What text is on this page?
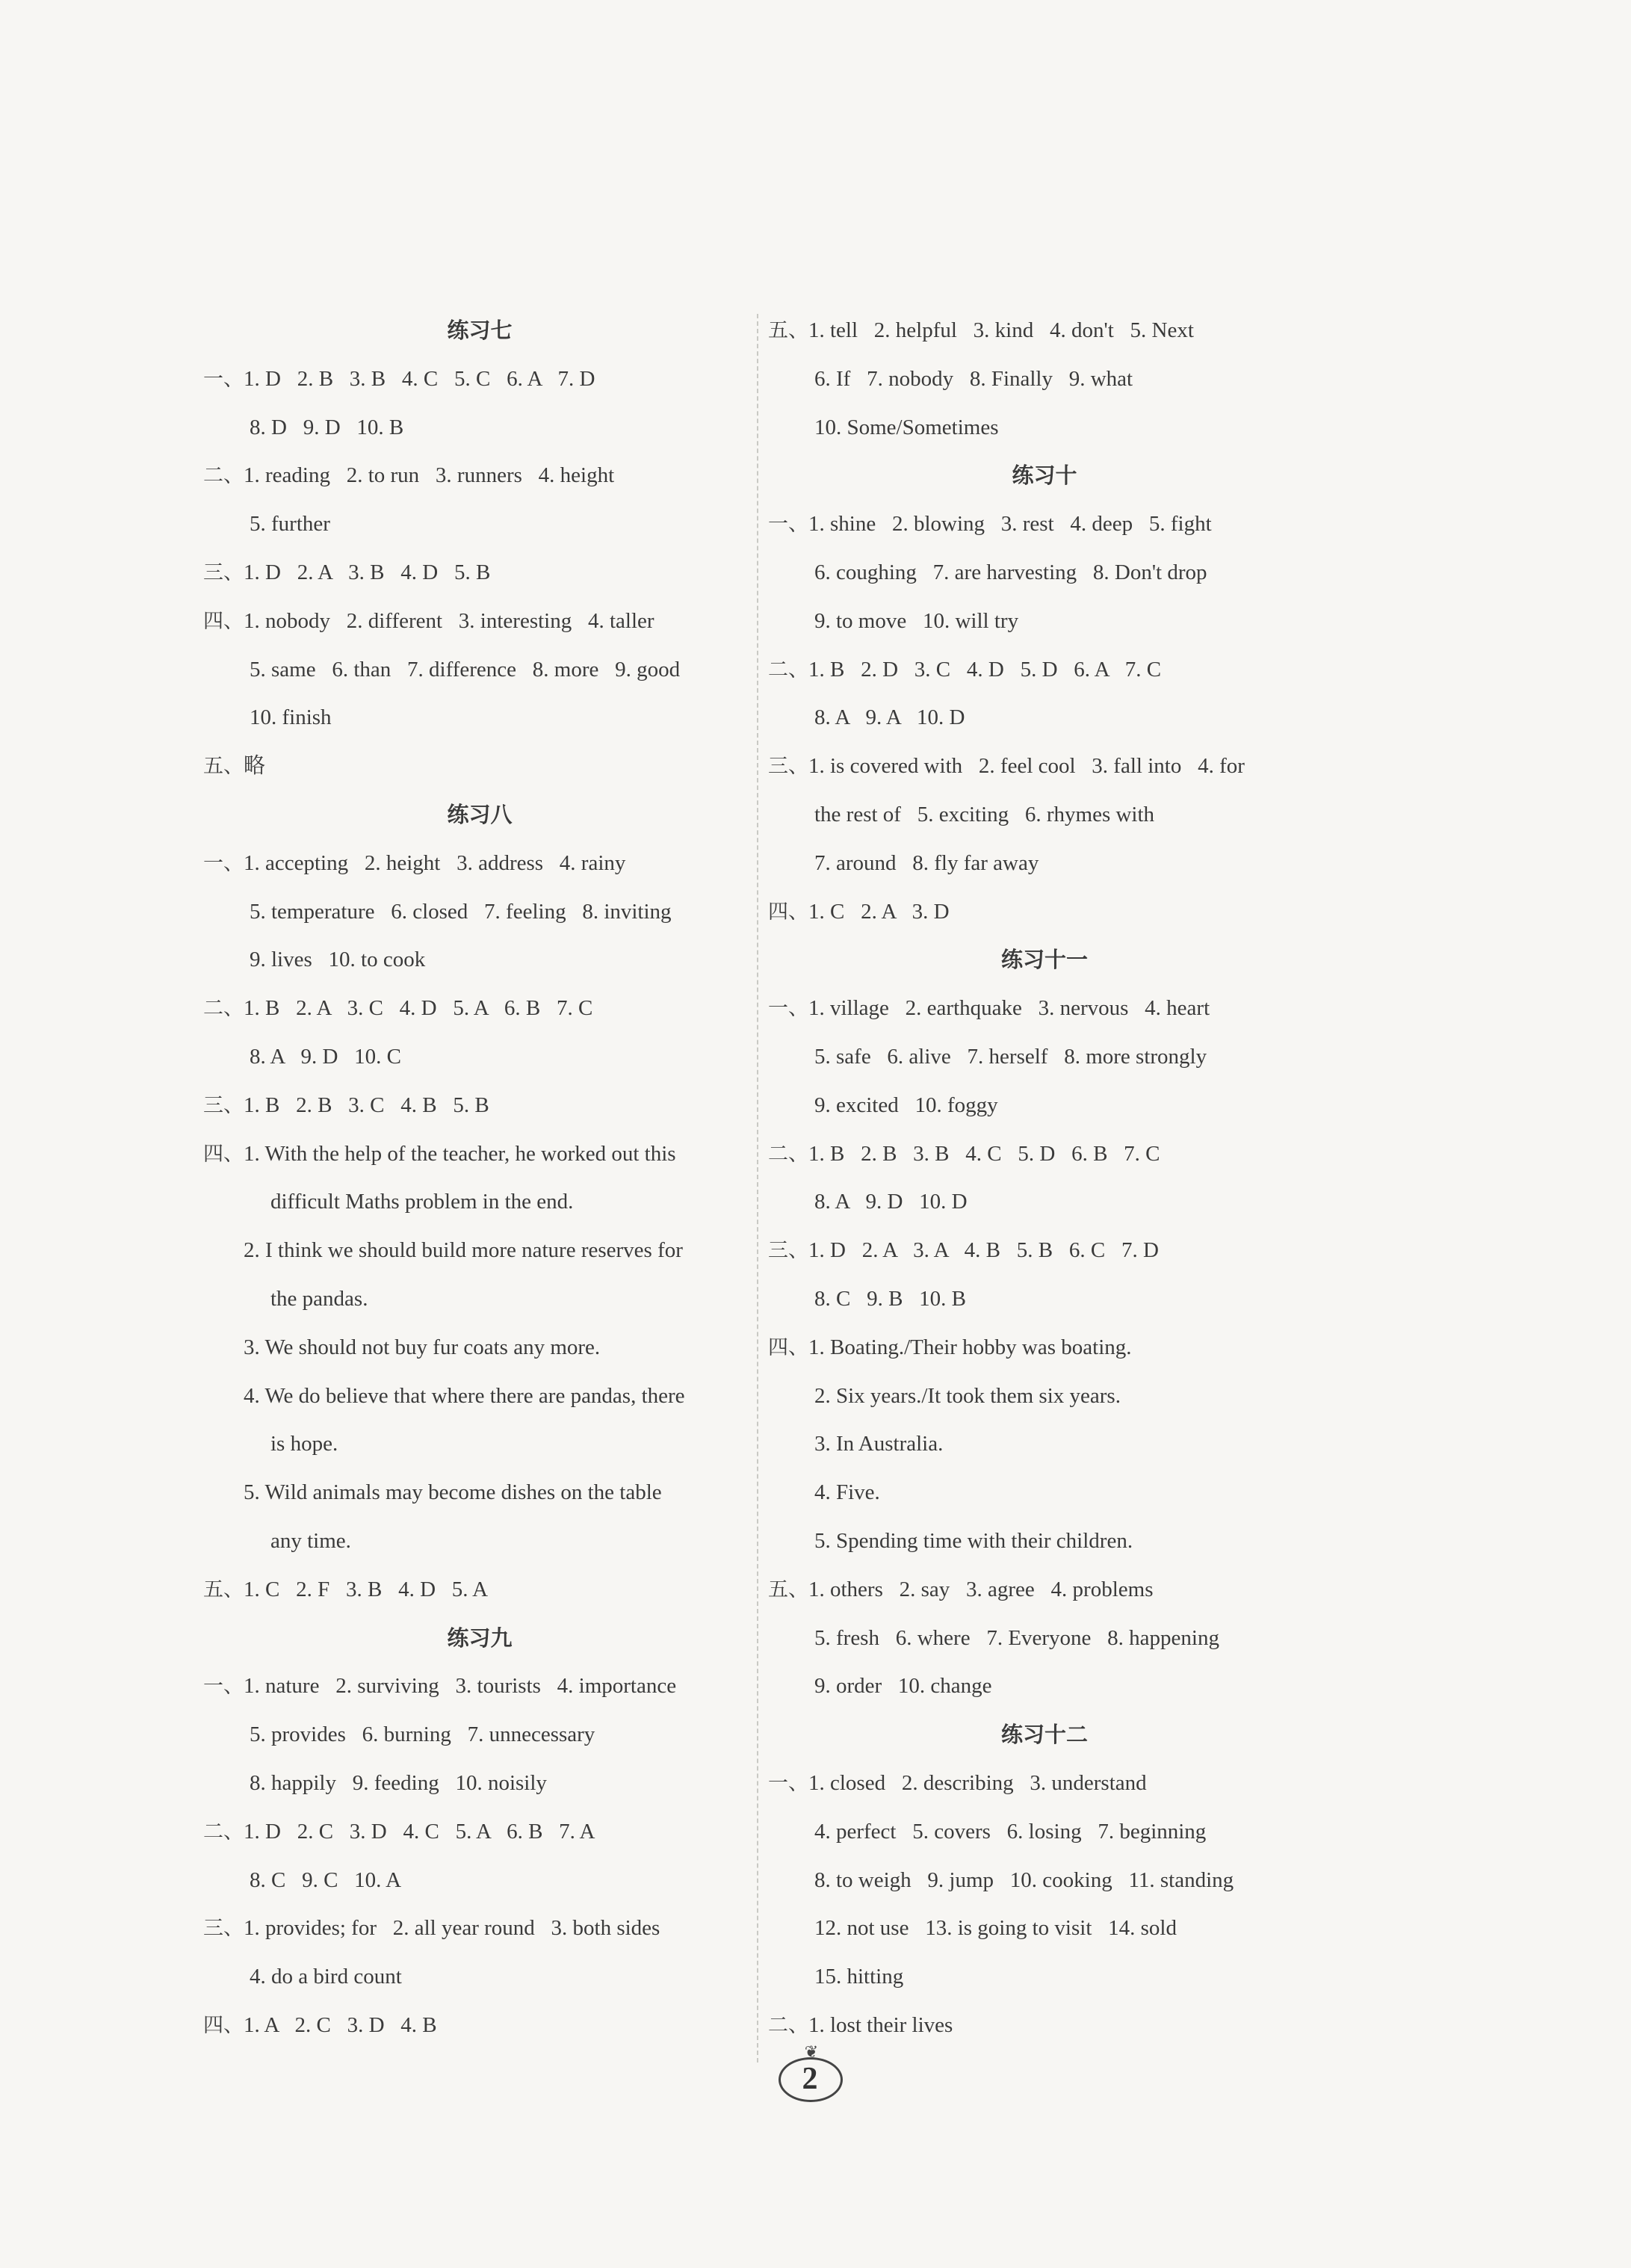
练习七
一、1. D   2. B   3. B   4. C   5. C   6. A   7. D
8. D   9. D   10. B
二、1. reading   2. to run   3. runners   4. height
5. further
三、1. D   2. A   3. B   4. D   5. B
四、1. nobody   2. different   3. interesting   4. taller
5. same   6. than   7. difference   8. more   9. good
10. finish
五、略
练习八
一、1. accepting   2. height   3. address   4. rainy
5. temperature   6. closed   7. feeling   8. inviting
9. lives   10. to cook
二、1. B   2. A   3. C   4. D   5. A   6. B   7. C
8. A   9. D   10. C
三、1. B   2. B   3. C   4. B   5. B
四、1. With the help of the teacher, he worked out this
difficult Maths problem in the end.
2. I think we should build more nature reserves for
the pandas.
3. We should not buy fur coats any more.
4. We do believe that where there are pandas, there
is hope.
5. Wild animals may become dishes on the table
any time.
五、1. C   2. F   3. B   4. D   5. A
练习九
一、1. nature   2. surviving   3. tourists   4. importance
5. provides   6. burning   7. unnecessary
8. happily   9. feeding   10. noisily
二、1. D   2. C   3. D   4. C   5. A   6. B   7. A
8. C   9. C   10. A
三、1. provides; for   2. all year round   3. both sides
4. do a bird count
四、1. A   2. C   3. D   4. B
五、1. tell   2. helpful   3. kind   4. don't   5. Next
6. If   7. nobody   8. Finally   9. what
10. Some/Sometimes
练习十
一、1. shine   2. blowing   3. rest   4. deep   5. fight
6. coughing   7. are harvesting   8. Don't drop
9. to move   10. will try
二、1. B   2. D   3. C   4. D   5. D   6. A   7. C
8. A   9. A   10. D
三、1. is covered with   2. feel cool   3. fall into   4. for
the rest of   5. exciting   6. rhymes with
7. around   8. fly far away
四、1. C   2. A   3. D
练习十一
一、1. village   2. earthquake   3. nervous   4. heart
5. safe   6. alive   7. herself   8. more strongly
9. excited   10. foggy
二、1. B   2. B   3. B   4. C   5. D   6. B   7. C
8. A   9. D   10. D
三、1. D   2. A   3. A   4. B   5. B   6. C   7. D
8. C   9. B   10. B
四、1. Boating./Their hobby was boating.
2. Six years./It took them six years.
3. In Australia.
4. Five.
5. Spending time with their children.
五、1. others   2. say   3. agree   4. problems
5. fresh   6. where   7. Everyone   8. happening
9. order   10. change
练习十二
一、1. closed   2. describing   3. understand
4. perfect   5. covers   6. losing   7. beginning
8. to weigh   9. jump   10. cooking   11. standing
12. not use   13. is going to visit   14. sold
15. hitting
二、1. lost their lives
❦
2
